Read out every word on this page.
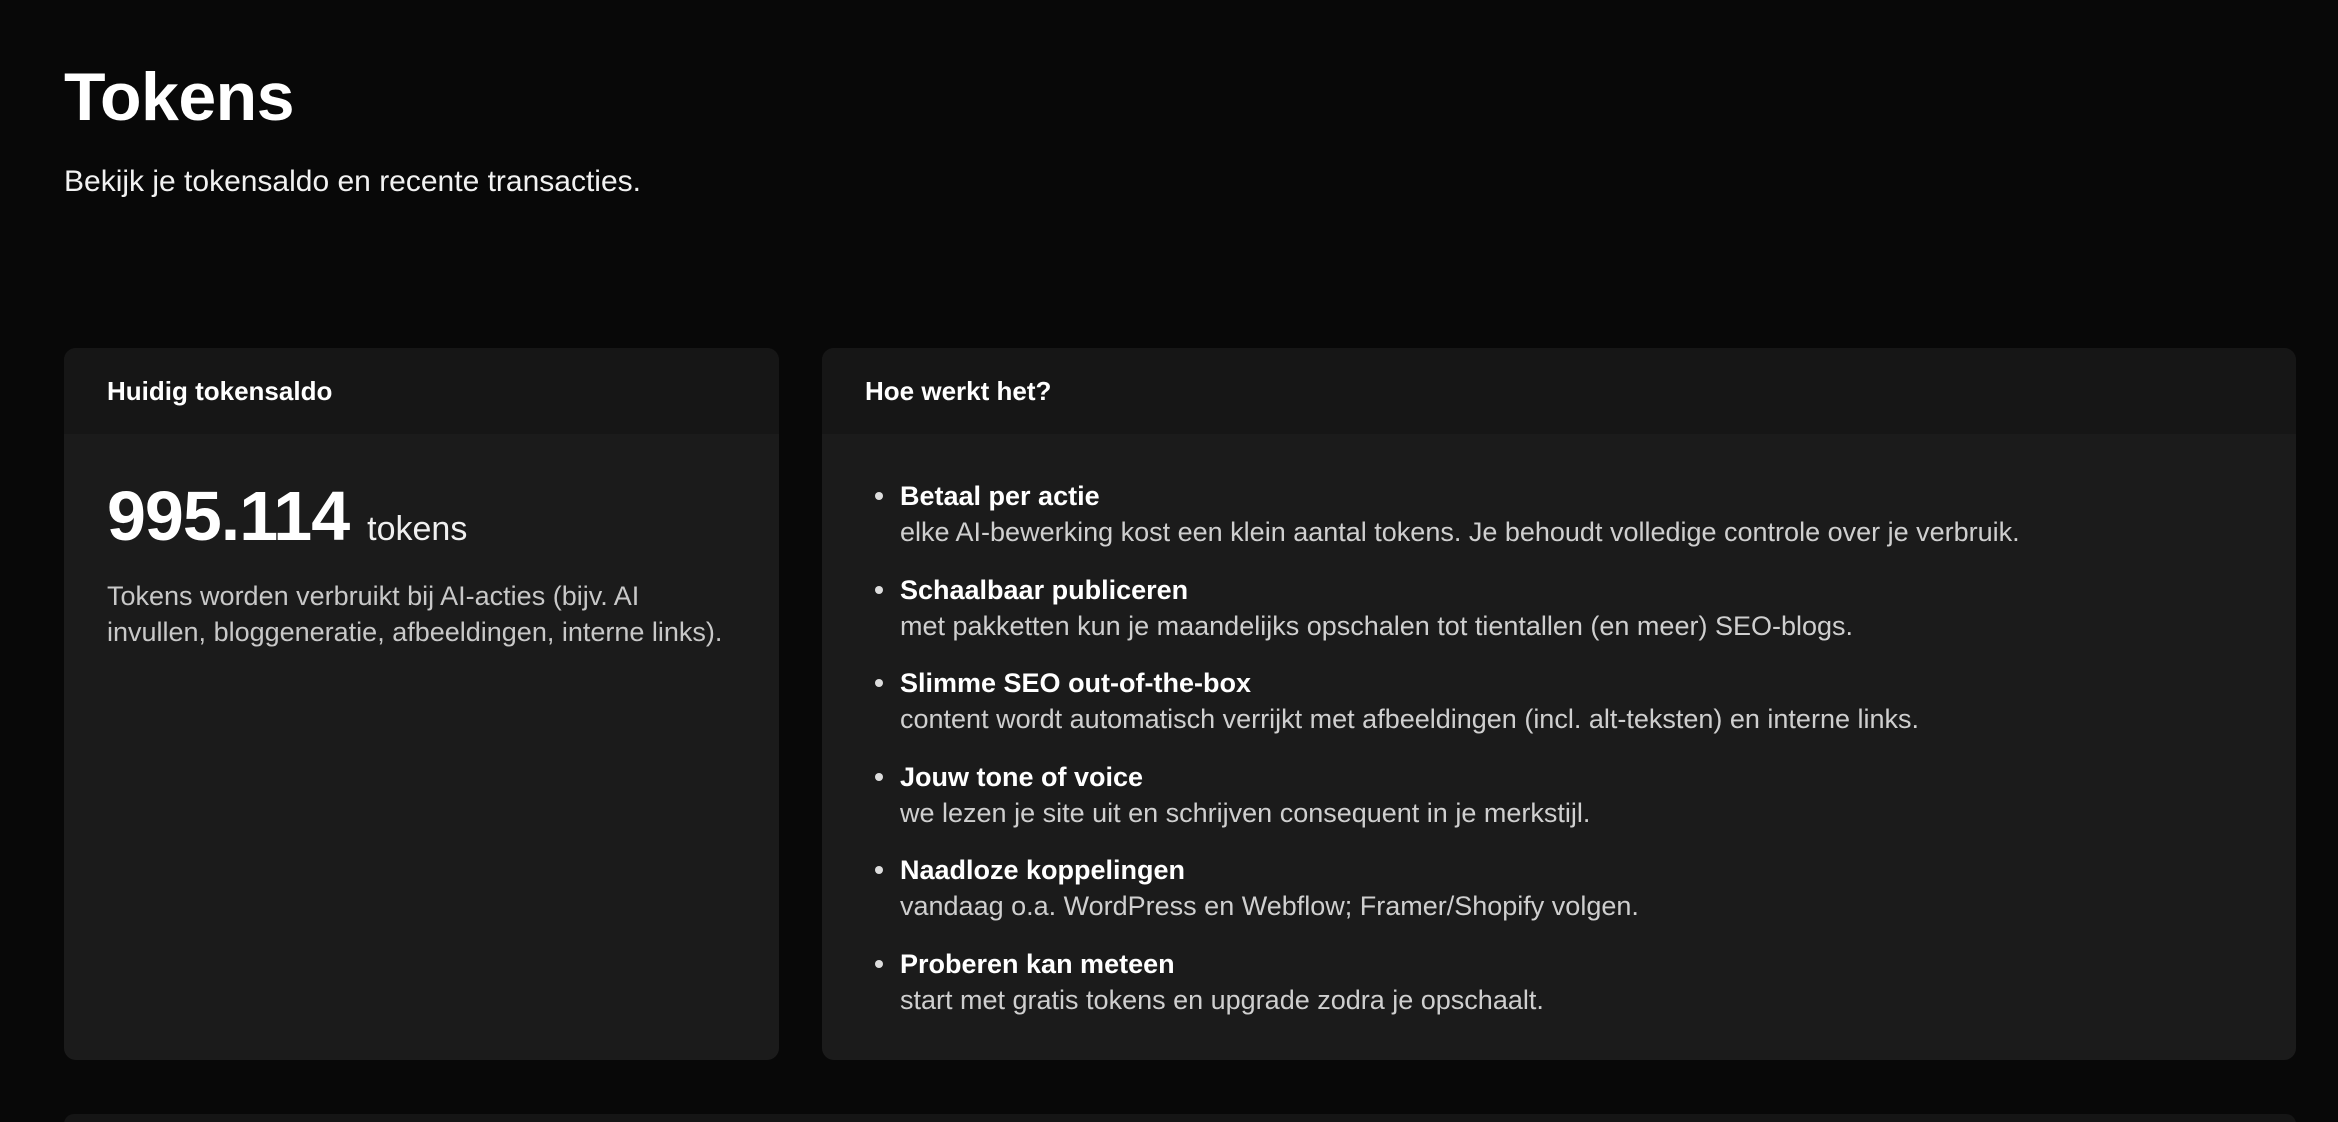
Tokens

Bekijk je tokensaldo en recente transacties.

Huidig tokensaldo
995.114 tokens
Tokens worden verbruikt bij AI-acties (bijv. AI invullen, bloggeneratie, afbeeldingen, interne links).
Hoe werkt het?
Betaal per actie
elke AI-bewerking kost een klein aantal tokens. Je behoudt volledige controle over je verbruik.
Schaalbaar publiceren
met pakketten kun je maandelijks opschalen tot tientallen (en meer) SEO-blogs.
Slimme SEO out-of-the-box
content wordt automatisch verrijkt met afbeeldingen (incl. alt-teksten) en interne links.
Jouw tone of voice
we lezen je site uit en schrijven consequent in je merkstijl.
Naadloze koppelingen
vandaag o.a. WordPress en Webflow; Framer/Shopify volgen.
Proberen kan meteen
start met gratis tokens en upgrade zodra je opschaalt.
